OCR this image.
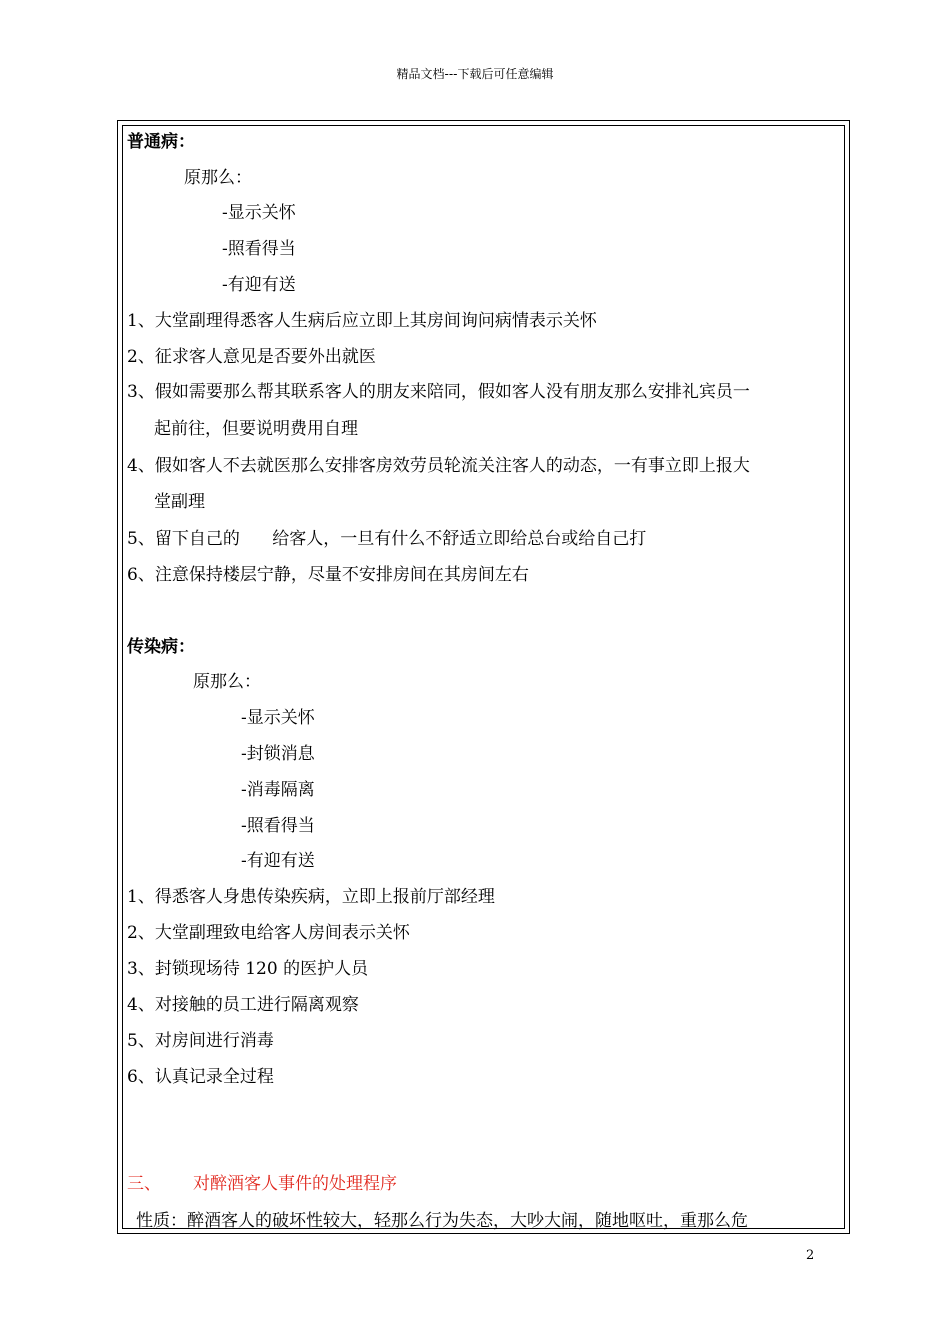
精品文档---下载后可任意编辑
普通病：
原那么：
-显示关怀
-照看得当
-有迎有送
1、大堂副理得悉客人生病后应立即上其房间询问病情表示关怀
2、征求客人意见是否要外出就医
3、假如需要那么帮其联系客人的朋友来陪同，假如客人没有朋友那么安排礼宾员一
起前往，但要说明费用自理
4、假如客人不去就医那么安排客房效劳员轮流关注客人的动态，一有事立即上报大
堂副理
5、留下自己的      给客人，一旦有什么不舒适立即给总台或给自己打
6、注意保持楼层宁静，尽量不安排房间在其房间左右
传染病：
原那么：
-显示关怀
-封锁消息
-消毒隔离
-照看得当
-有迎有送
1、得悉客人身患传染疾病，立即上报前厅部经理
2、大堂副理致电给客人房间表示关怀
3、封锁现场待 120 的医护人员
4、对接触的员工进行隔离观察
5、对房间进行消毒
6、认真记录全过程
三、 对醉酒客人事件的处理程序
性质：醉酒客人的破坏性较大，轻那么行为失态，大吵大闹，随地呕吐，重那么危
2
